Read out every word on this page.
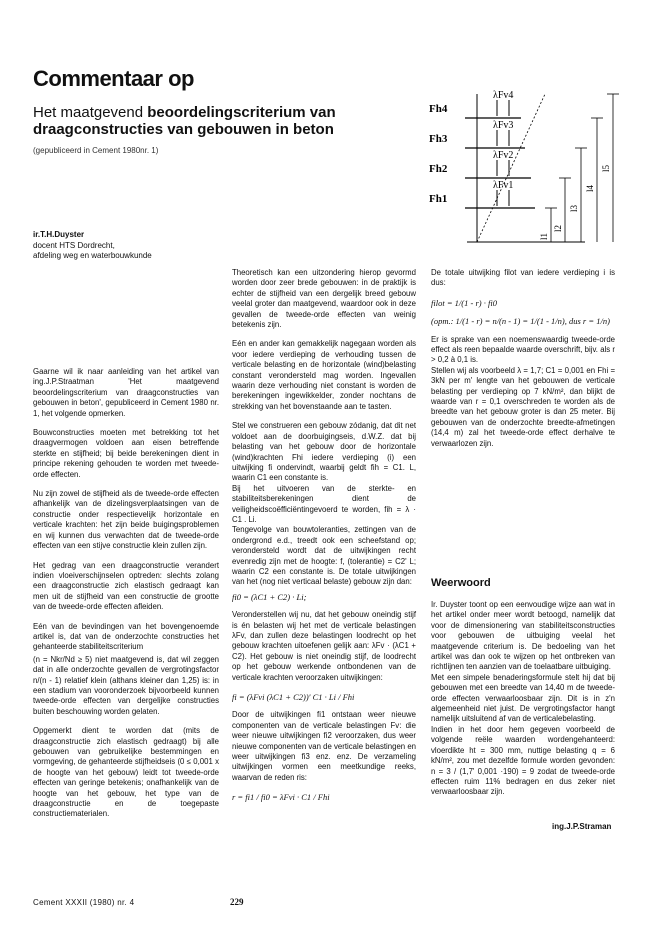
Commentaar op

Het maatgevend beoordelingscriterium van draagconstructies van gebouwen in beton

(gepubliceerd in Cement 1980nr. 1)
ir.T.H.Duyster
docent HTS Dordrecht,
afdeling weg en waterbouwkunde
Fh4
Fh3
Fh2
Fh1
λFv4
λFv3
λFv2
λFv1
l1
l2
l3
l4
l5

Gaarne wil ik naar aanleiding van het artikel van ing.J.P.Straatman 'Het maatgevend beoordelingscriterium van draagconstructies van gebouwen in beton', gepubliceerd in Cement 1980 nr. 1, het volgende opmerken.

Bouwconstructies moeten met betrekking tot het draagvermogen voldoen aan eisen betreffende sterkte en stijfheid; bij beide berekeningen dient in principe rekening gehouden te worden met tweede-orde effecten.

Nu zijn zowel de stijfheid als de tweede-orde effecten afhankelijk van de dizelingsverplaatsingen van de constructie onder respectievelijk horizontale en verticale krachten: het zijn beide buigingsproblemen en wij kunnen dus verwachten dat de tweede-orde effecten van een stijve constructie klein zullen zijn.

Het gedrag van een draagconstructie verandert indien vloeiverschijnselen optreden: slechts zolang een draagconstructie zich elastisch gedraagt kan men uit de stijfheid van een constructie de grootte van de tweede-orde effecten afleiden.

Eén van de bevindingen van het bovengenoemde artikel is, dat van de onderzochte constructies het gehanteerde stabiliteitscriterium

(n = Nkr/Nd ≥ 5) niet maatgevend is, dat wil zeggen dat in alle onderzochte gevallen de vergrotingsfactor n/(n - 1) relatief klein (althans kleiner dan 1,25) is: in een stadium van vooronderzoek bijvoorbeeld kunnen tweede-orde effecten van dergelijke constructies buiten beschouwing worden gelaten.

Opgemerkt dient te worden dat (mits de draagconstructie zich elastisch gedraagt) bij alle gebouwen van gebruikelijke bestemmingen en vormgeving, de gehanteerde stijfheidseis (0 ≤ 0,001 x de hoogte van het gebouw) leidt tot tweede-orde effecten van geringe betekenis; onafhankelijk van de hoogte van het gebouw, het type van de draagconstructie en de toegepaste constructiematerialen.

Theoretisch kan een uitzondering hierop gevormd worden door zeer brede gebouwen: in de praktijk is echter de stijfheid van een dergelijk breed gebouw veelal groter dan maatgevend, waardoor ook in deze gevallen de tweede-orde effecten van weinig betekenis zijn.

Eén en ander kan gemakkelijk nagegaan worden als voor iedere verdieping de verhouding tussen de verticale belasting en de horizontale (wind)belasting constant verondersteld mag worden. Ingevallen waarin deze verhouding niet constant is worden de berekeningen ingewikkelder, zonder nochtans de strekking van het bovenstaande aan te tasten.

Stel we construeren een gebouw zódanig, dat dit net voldoet aan de doorbuigingseis, d.W.Z. dat bij belasting van het gebouw door de horizontale (wind)krachten Fhi iedere verdieping (i) een uitwijking fi ondervindt, waarbij geldt fih = C1. L, waarin C1 een constante is.

Bij het uitvoeren van de sterkte- en stabiliteitsberekeningen dient de veiligheidscoëfficiëntingevoerd te worden, fih = λ · C1 . Li.

Tengevolge van bouwtoleranties, zettingen van de ondergrond e.d., treedt ook een scheefstand op; verondersteld wordt dat de uitwijkingen recht evenredig zijn met de hoogte: f, (tolerantie) = C2' L; waarin C2 een constante is. De totale uitwijkingen van het (nog niet verticaal belaste) gebouw zijn dan:

fi0 = (λC1 + C2) · Li;

Veronderstellen wij nu, dat het gebouw oneindig stijf is én belasten wij het met de verticale belastingen λFv, dan zullen deze belastingen loodrecht op het gebouw krachten uitoefenen gelijk aan: λFv · (λC1 + C2). Het gebouw is niet oneindig stijf, de loodrecht op het gebouw werkende ontbondenen van de verticale krachten veroorzaken uitwijkingen:

fi = (λFvi (λC1 + C2))' C1 · Li / Fhi

Door de uitwijkingen fi1 ontstaan weer nieuwe componenten van de verticale belastingen Fv: die weer nieuwe uitwijkingen fi2 veroorzaken, dus weer nieuwe componenten van de verticale belastingen en weer uitwijkingen fi3 enz. enz. De verzameling uitwijkingen vormen een meetkundige reeks, waarvan de reden ris:

r = fi1 / fi0 = λFvi · C1 / Fhi

De totale uitwijking filot van iedere verdieping i is dus:

filot = 1/(1 - r) · fi0
(opm.: 1/(1 - r) = n/(n - 1) = 1/(1 - 1/n), dus r = 1/n)

Er is sprake van een noemenswaardig tweede-orde effect als reen bepaalde waarde overschrift, bijv. als r > 0,2 à 0,1 is.

Stellen wij als voorbeeld λ = 1,7; C1 = 0,001 en Fhi = 3kN per m' lengte van het gebouwen de verticale belasting per verdieping op 7 kN/m², dan blijkt de waarde van r = 0,1 overschreden te worden als de breedte van het gebouw groter is dan 25 meter. Bij gebouwen van de onderzochte breedte-afmetingen (14,4 m) zal het tweede-orde effect derhalve te verwaarlozen zijn.

Weerwoord

Ir. Duyster toont op een eenvoudige wijze aan wat in het artikel onder meer wordt betoogd, namelijk dat voor de dimensionering van stabiliteitsconstructies voor gebouwen de uitbuiging veelal het maatgevende criterium is. De bedoeling van het artikel was dan ook te wijzen op het ontbreken van richtlijnen ten aanzien van de toelaatbare uitbuiging.

Met een simpele benaderingsformule stelt hij dat bij gebouwen met een breedte van 14,40 m de tweede-orde effecten verwaarloosbaar zijn. Dit is in z'n algemeenheid niet juist. De vergrotingsfactor hangt namelijk uitsluitend af van de verticalebelasting.

Indien in het door hem gegeven voorbeeld de volgende reële waarden wordengehanteerd: vloerdikte ht = 300 mm, nuttige belasting q = 6 kN/m², zou met dezelfde formule worden gevonden: n = 3 / (1,7' 0,001 ·190) = 9 zodat de tweede-orde effecten ruim 11% bedragen en dus zeker niet verwaarloosbaar zijn.

ing.J.P.Straman
Cement XXXII (1980) nr. 4	229
